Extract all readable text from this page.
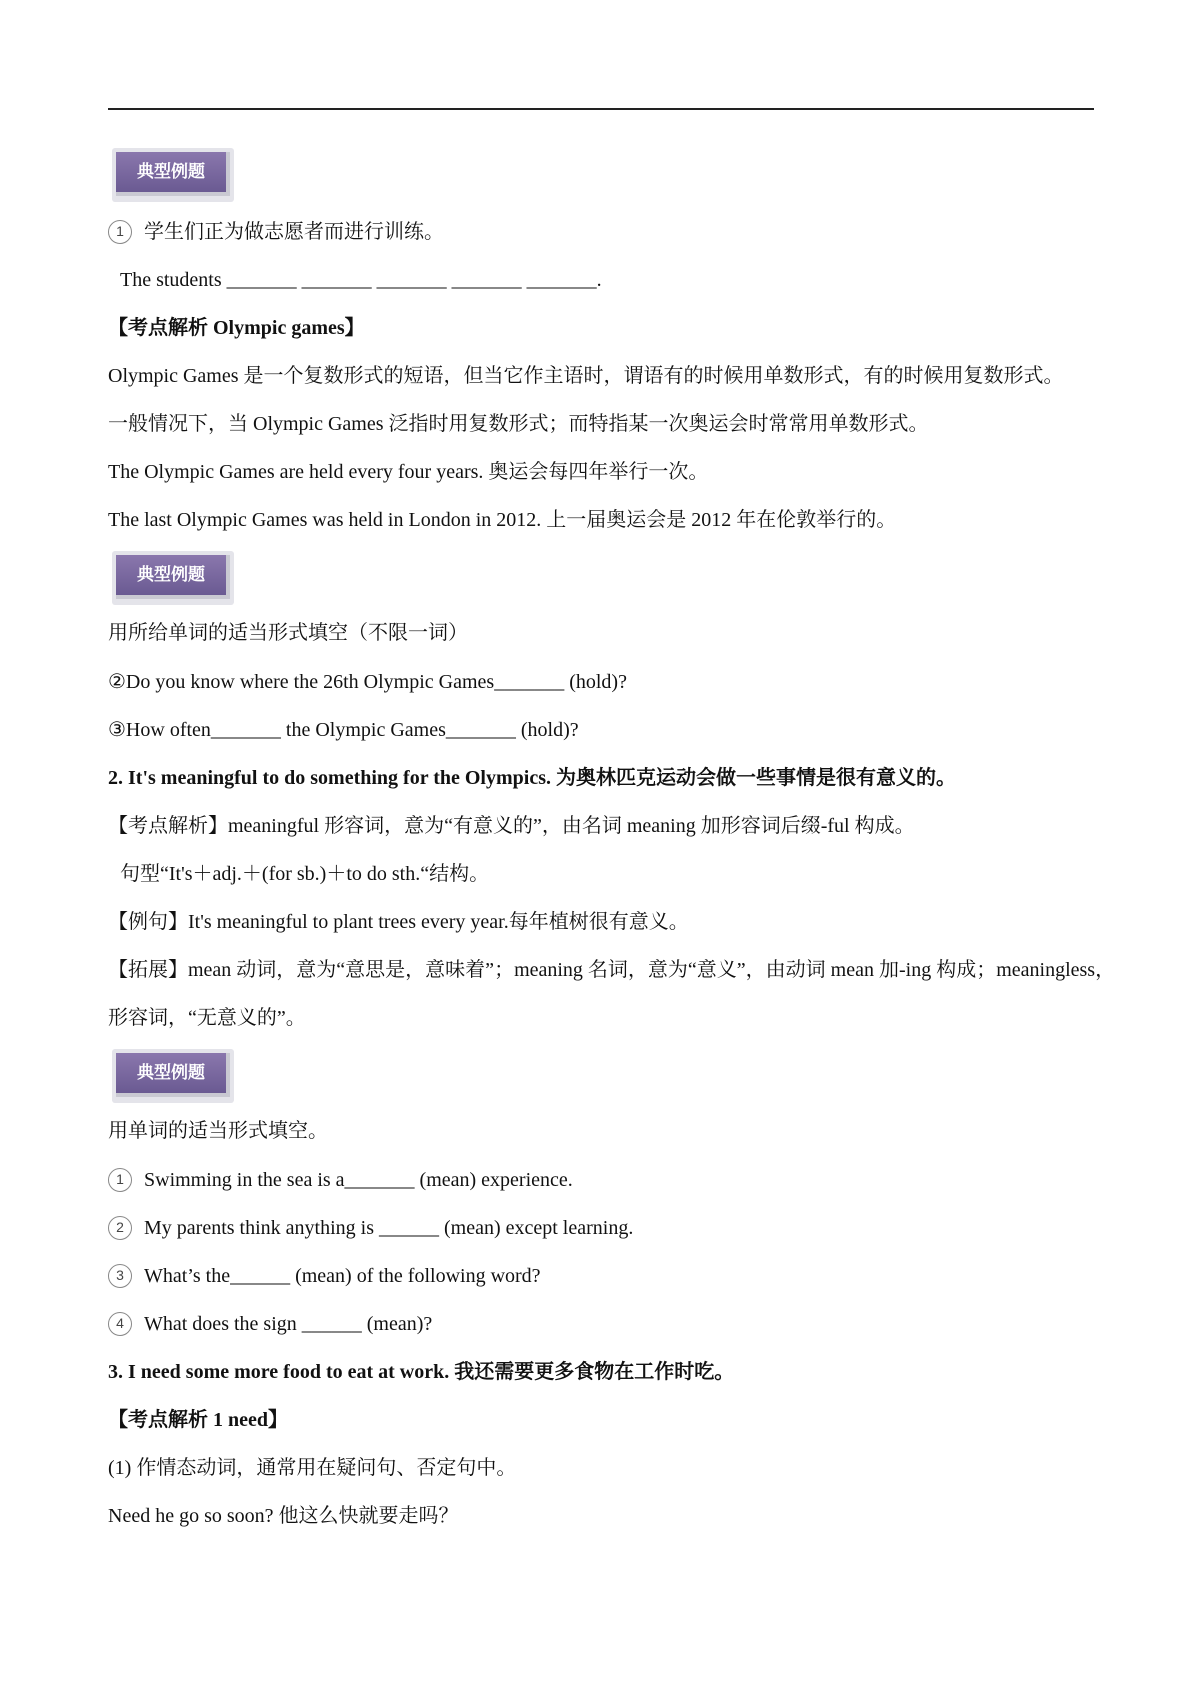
典型例题
1 学生们正为做志愿者而进行训练。
The students _______ _______ _______ _______ _______.
【考点解析 Olympic games】
Olympic Games 是一个复数形式的短语，但当它作主语时，谓语有的时候用单数形式，有的时候用复数形式。
一般情况下，当 Olympic Games 泛指时用复数形式；而特指某一次奥运会时常常用单数形式。
The Olympic Games are held every four years. 奥运会每四年举行一次。
The last Olympic Games was held in London in 2012. 上一届奥运会是 2012 年在伦敦举行的。
典型例题
用所给单词的适当形式填空（不限一词）
②Do you know where the 26th Olympic Games_______ (hold)?
③How often_______ the Olympic Games_______ (hold)?
2. It's meaningful to do something for the Olympics. 为奥林匹克运动会做一些事情是很有意义的。
【考点解析】meaningful 形容词，意为“有意义的”，由名词 meaning 加形容词后缀-ful 构成。
句型“It's＋adj.＋(for sb.)＋to do sth.“结构。
【例句】It's meaningful to plant trees every year.每年植树很有意义。
【拓展】mean 动词，意为“意思是，意味着”；meaning 名词，意为“意义”，由动词 mean 加-ing 构成；meaningless，
形容词，“无意义的”。
典型例题
用单词的适当形式填空。
1 Swimming in the sea is a_______ (mean) experience.
2 My parents think anything is ______ (mean) except learning.
3 What’s the______ (mean) of the following word?
4 What does the sign ______ (mean)?
3. I need some more food to eat at work. 我还需要更多食物在工作时吃。
【考点解析 1 need】
(1) 作情态动词，通常用在疑问句、否定句中。
Need he go so soon? 他这么快就要走吗？
